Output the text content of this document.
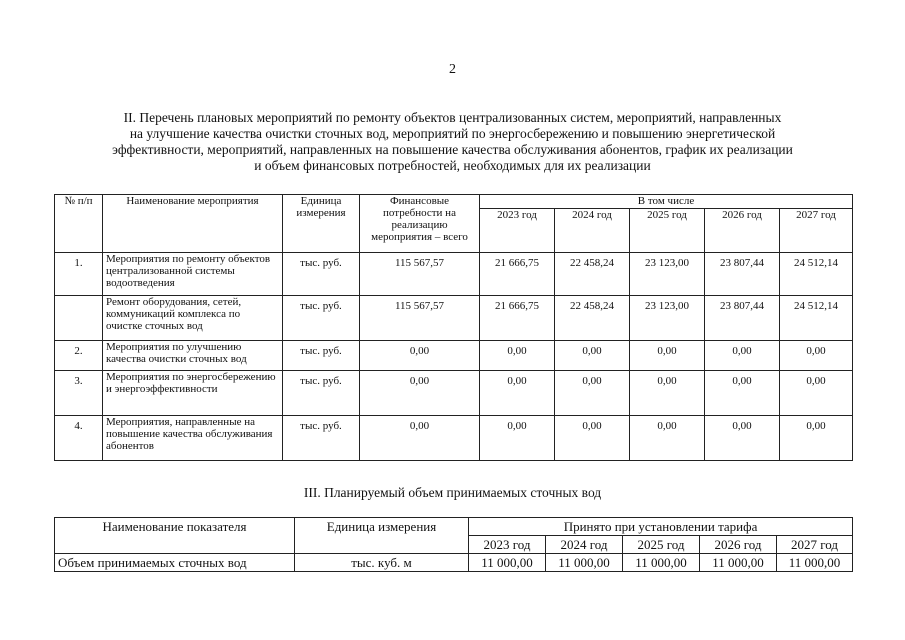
2
II. Перечень плановых мероприятий по ремонту объектов централизованных систем, мероприятий, направленных
на улучшение качества очистки сточных вод, мероприятий по энергосбережению и повышению энергетической
эффективности, мероприятий, направленных на повышение качества обслуживания абонентов, график их реализации
и объем финансовых потребностей, необходимых для их реализации
№ п/п	Наименование мероприятия	Единица измерения	Финансовые потребности на реализацию мероприятия – всего	В том числе				
				2023 год	2024 год	2025 год	2026 год	2027 год
1.	Мероприятия по ремонту объектов централизованной системы водоотведения	тыс. руб.	115 567,57	21 666,75	22 458,24	23 123,00	23 807,44	24 512,14
	Ремонт оборудования, сетей, коммуникаций комплекса по очистке сточных вод	тыс. руб.	115 567,57	21 666,75	22 458,24	23 123,00	23 807,44	24 512,14
2.	Мероприятия по улучшению качества очистки сточных вод	тыс. руб.	0,00	0,00	0,00	0,00	0,00	0,00
3.	Мероприятия по энергосбережению и энергоэффективности	тыс. руб.	0,00	0,00	0,00	0,00	0,00	0,00
4.	Мероприятия, направленные на повышение качества обслуживания абонентов	тыс. руб.	0,00	0,00	0,00	0,00	0,00	0,00
III. Планируемый объем принимаемых сточных вод
Наименование показателя	Единица измерения	Принято при установлении тарифа				
		2023 год	2024 год	2025 год	2026 год	2027 год
Объем принимаемых сточных вод	тыс. куб. м	11 000,00	11 000,00	11 000,00	11 000,00	11 000,00
